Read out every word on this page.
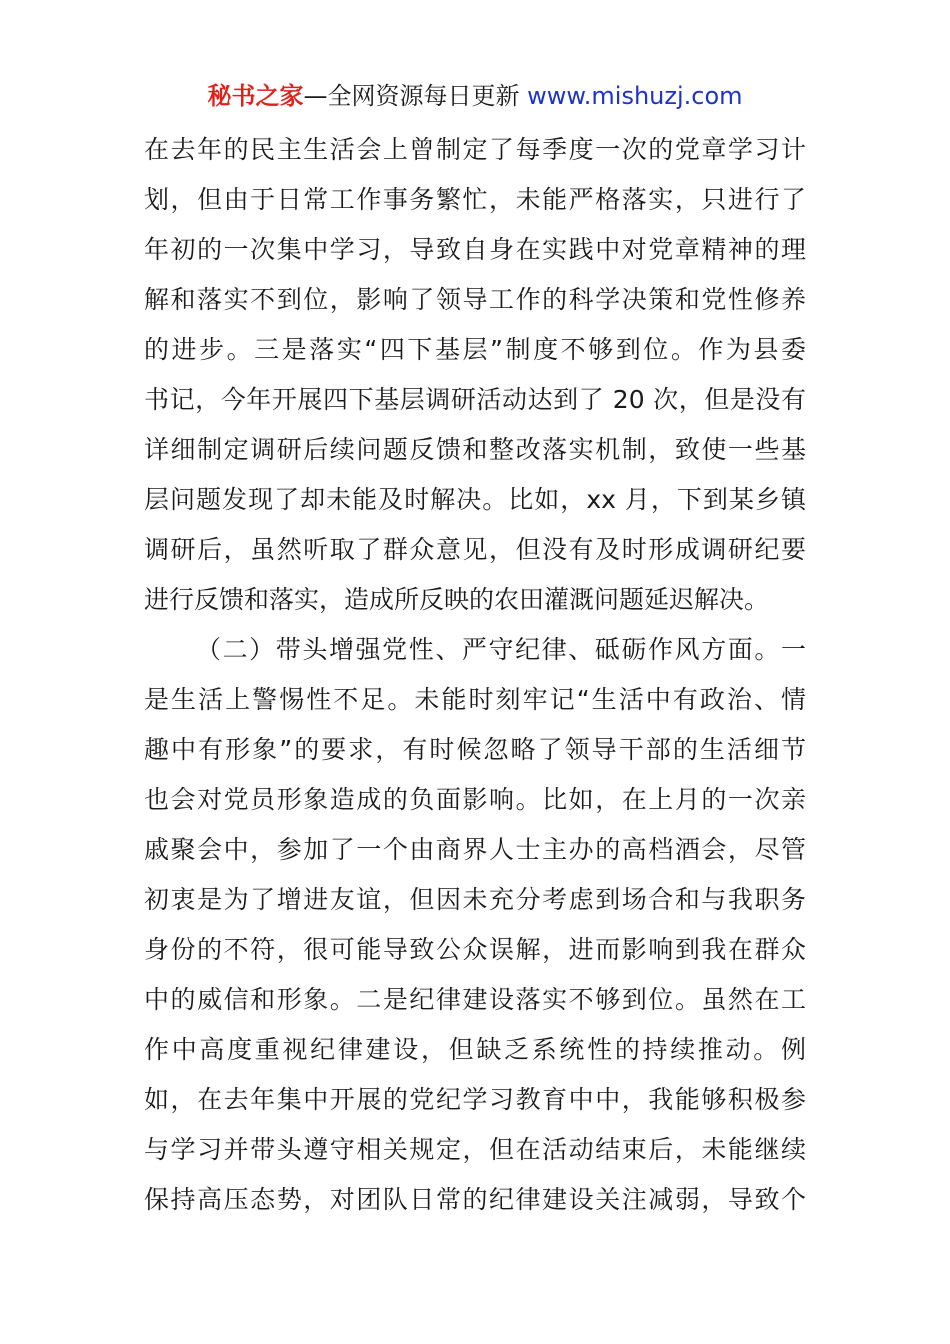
秘书之家—全网资源每日更新 www.mishuzj.com
在去年的民主生活会上曾制定了每季度一次的党章学习计
划，但由于日常工作事务繁忙，未能严格落实，只进行了
年初的一次集中学习，导致自身在实践中对党章精神的理
解和落实不到位，影响了领导工作的科学决策和党性修养
的进步。三是落实“四下基层”制度不够到位。作为县委
书记，今年开展四下基层调研活动达到了 20 次，但是没有
详细制定调研后续问题反馈和整改落实机制，致使一些基
层问题发现了却未能及时解决。比如，xx 月，下到某乡镇
调研后，虽然听取了群众意见，但没有及时形成调研纪要
进行反馈和落实，造成所反映的农田灌溉问题延迟解决。
（二）带头增强党性、严守纪律、砥砺作风方面。一
是生活上警惕性不足。未能时刻牢记“生活中有政治、情
趣中有形象”的要求，有时候忽略了领导干部的生活细节
也会对党员形象造成的负面影响。比如，在上月的一次亲
戚聚会中，参加了一个由商界人士主办的高档酒会，尽管
初衷是为了增进友谊，但因未充分考虑到场合和与我职务
身份的不符，很可能导致公众误解，进而影响到我在群众
中的威信和形象。二是纪律建设落实不够到位。虽然在工
作中高度重视纪律建设，但缺乏系统性的持续推动。例
如，在去年集中开展的党纪学习教育中中，我能够积极参
与学习并带头遵守相关规定，但在活动结束后，未能继续
保持高压态势，对团队日常的纪律建设关注减弱，导致个
